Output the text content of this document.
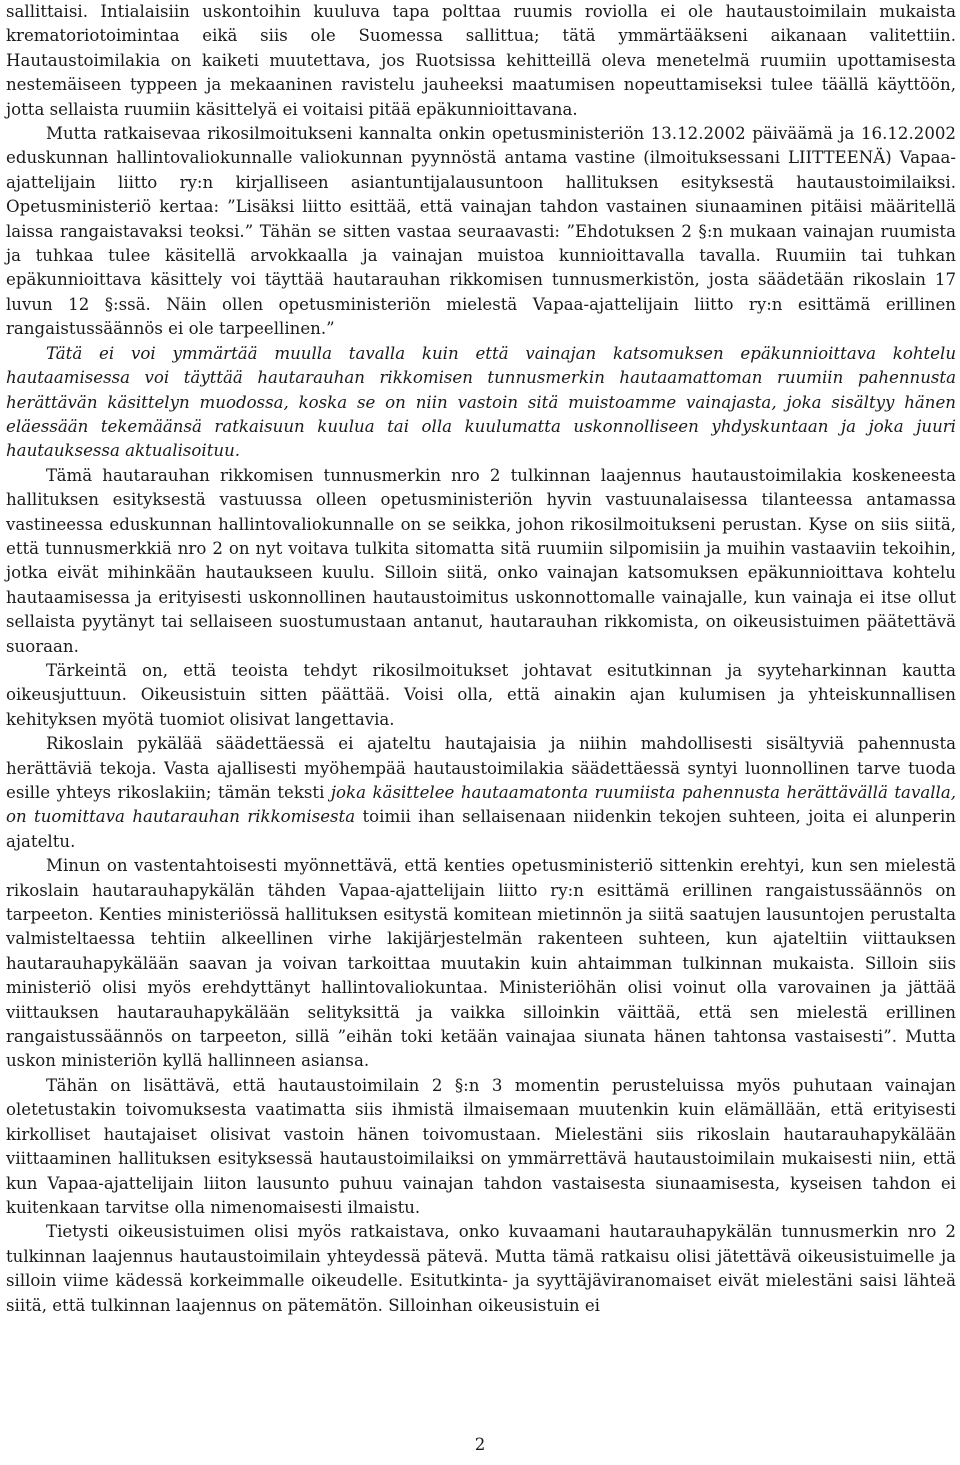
sallittaisi. Intialaisiin uskontoihin kuuluva tapa polttaa ruumis roviolla ei ole hautaustoimilain mukaista krematoriotoimintaa eikä siis ole Suomessa sallittua; tätä ymmärtääkseni aikanaan valitettiin. Hautaustoimilakia on kaiketi muutettava, jos Ruotsissa kehitteillä oleva menetelmä ruumiin upottamisesta nestemäiseen typpeen ja mekaaninen ravistelu jauheeksi maatumisen nopeuttamiseksi tulee täällä käyttöön, jotta sellaista ruumiin käsittelyä ei voitaisi pitää epäkunnioittavana.

Mutta ratkaisevaa rikosilmoitukseni kannalta onkin opetusministeriön 13.12.2002 päiväämä ja 16.12.2002 eduskunnan hallintovaliokunnalle valiokunnan pyynnöstä antama vastine (ilmoituksessani LIITTEENÄ) Vapaa-ajattelijain liitto ry:n kirjalliseen asiantuntijalausuntoon hallituksen esityksestä hautaustoimilaiksi. Opetusministeriö kertaa: ”Lisäksi liitto esittää, että vainajan tahdon vastainen siunaaminen pitäisi määritellä laissa rangaistavaksi teoksi.” Tähän se sitten vastaa seuraavasti: ”Ehdotuksen 2 §:n mukaan vainajan ruumista ja tuhkaa tulee käsitellä arvokkaalla ja vainajan muistoa kunnioittavalla tavalla. Ruumiin tai tuhkan epäkunnioittava käsittely voi täyttää hautarauhan rikkomisen tunnusmerkistön, josta säädetään rikoslain 17 luvun 12 §:ssä. Näin ollen opetusministeriön mielestä Vapaa-ajattelijain liitto ry:n esittämä erillinen rangaistussäännös ei ole tarpeellinen.”

Tätä ei voi ymmärtää muulla tavalla kuin että vainajan katsomuksen epäkunnioittava kohtelu hautaamisessa voi täyttää hautarauhan rikkomisen tunnusmerkin hautaamattoman ruumiin pahennusta herättävän käsittelyn muodossa, koska se on niin vastoin sitä muistoamme vainajasta, joka sisältyy hänen eläessään tekemäänsä ratkaisuun kuulua tai olla kuulumatta uskonnolliseen yhdyskuntaan ja joka juuri hautauksessa aktualisoituu.

Tämä hautarauhan rikkomisen tunnusmerkin nro 2 tulkinnan laajennus hautaustoimilakia koskeneesta hallituksen esityksestä vastuussa olleen opetusministeriön hyvin vastuunalaisessa tilanteessa antamassa vastineessa eduskunnan hallintovaliokunnalle on se seikka, johon rikosilmoitukseni perustan. Kyse on siis siitä, että tunnusmerkkiä nro 2 on nyt voitava tulkita sitomatta sitä ruumiin silpomisiin ja muihin vastaaviin tekoihin, jotka eivät mihinkään hautaukseen kuulu. Silloin siitä, onko vainajan katsomuksen epäkunnioittava kohtelu hautaamisessa ja erityisesti uskonnollinen hautaustoimitus uskonnottomalle vainajalle, kun vainaja ei itse ollut sellaista pyytänyt tai sellaiseen suostumustaan antanut, hautarauhan rikkomista, on oikeusistuimen päätettävä suoraan.

Tärkeintä on, että teoista tehdyt rikosilmoitukset johtavat esitutkinnan ja syyteharkinnan kautta oikeusjuttuun. Oikeusistuin sitten päättää. Voisi olla, että ainakin ajan kulumisen ja yhteiskunnallisen kehityksen myötä tuomiot olisivat langettavia.

Rikoslain pykälää säädettäessä ei ajateltu hautajaisia ja niihin mahdollisesti sisältyviä pahennusta herättäviä tekoja. Vasta ajallisesti myöhempää hautaustoimilakia säädettäessä syntyi luonnollinen tarve tuoda esille yhteys rikoslakiin; tämän teksti joka käsittelee hautaamatonta ruumiista pahennusta herättävällä tavalla, on tuomittava hautarauhan rikkomisesta toimii ihan sellaisenaan niidenkin tekojen suhteen, joita ei alunperin ajateltu.

Minun on vastentahtoisesti myönnettävä, että kenties opetusministeriö sittenkin erehtyi, kun sen mielestä rikoslain hautarauhapykälän tähden Vapaa-ajattelijain liitto ry:n esittämä erillinen rangaistussäännös on tarpeeton. Kenties ministeriössä hallituksen esitystä komitean mietinnön ja siitä saatujen lausuntojen perustalta valmisteltaessa tehtiin alkeellinen virhe lakijärjestelmän rakenteen suhteen, kun ajateltiin viittauksen hautarauhapykälään saavan ja voivan tarkoittaa muutakin kuin ahtaimman tulkinnan mukaista. Silloin siis ministeriö olisi myös erehdyttänyt hallintovaliokuntaa. Ministeriöhän olisi voinut olla varovainen ja jättää viittauksen hautarauhapykälään selityksittä ja vaikka silloinkin väittää, että sen mielestä erillinen rangaistussäännös on tarpeeton, sillä ”eihän toki ketään vainajaa siunata hänen tahtonsa vastaisesti”. Mutta uskon ministeriön kyllä hallinneen asiansa.

Tähän on lisättävä, että hautaustoimilain 2 §:n 3 momentin perusteluissa myös puhutaan vainajan oletetustakin toivomuksesta vaatimatta siis ihmistä ilmaisemaan muutenkin kuin elämällään, että erityisesti kirkolliset hautajaiset olisivat vastoin hänen toivomustaan. Mielestäni siis rikoslain hautarauhapykälään viittaaminen hallituksen esityksessä hautaustoimilaiksi on ymmärrettävä hautaustoimilain mukaisesti niin, että kun Vapaa-ajattelijain liiton lausunto puhuu vainajan tahdon vastaisesta siunaamisesta, kyseisen tahdon ei kuitenkaan tarvitse olla nimenomaisesti ilmaistu.

Tietysti oikeusistuimen olisi myös ratkaistava, onko kuvaamani hautarauhapykälän tunnusmerkin nro 2 tulkinnan laajennus hautaustoimilain yhteydessä pätevä. Mutta tämä ratkaisu olisi jätettävä oikeusistuimelle ja silloin viime kädessä korkeimmalle oikeudelle. Esitutkinta- ja syyttäjäviranomaiset eivät mielestäni saisi lähteä siitä, että tulkinnan laajennus on pätemätön. Silloinhan oikeusistuin ei

2
